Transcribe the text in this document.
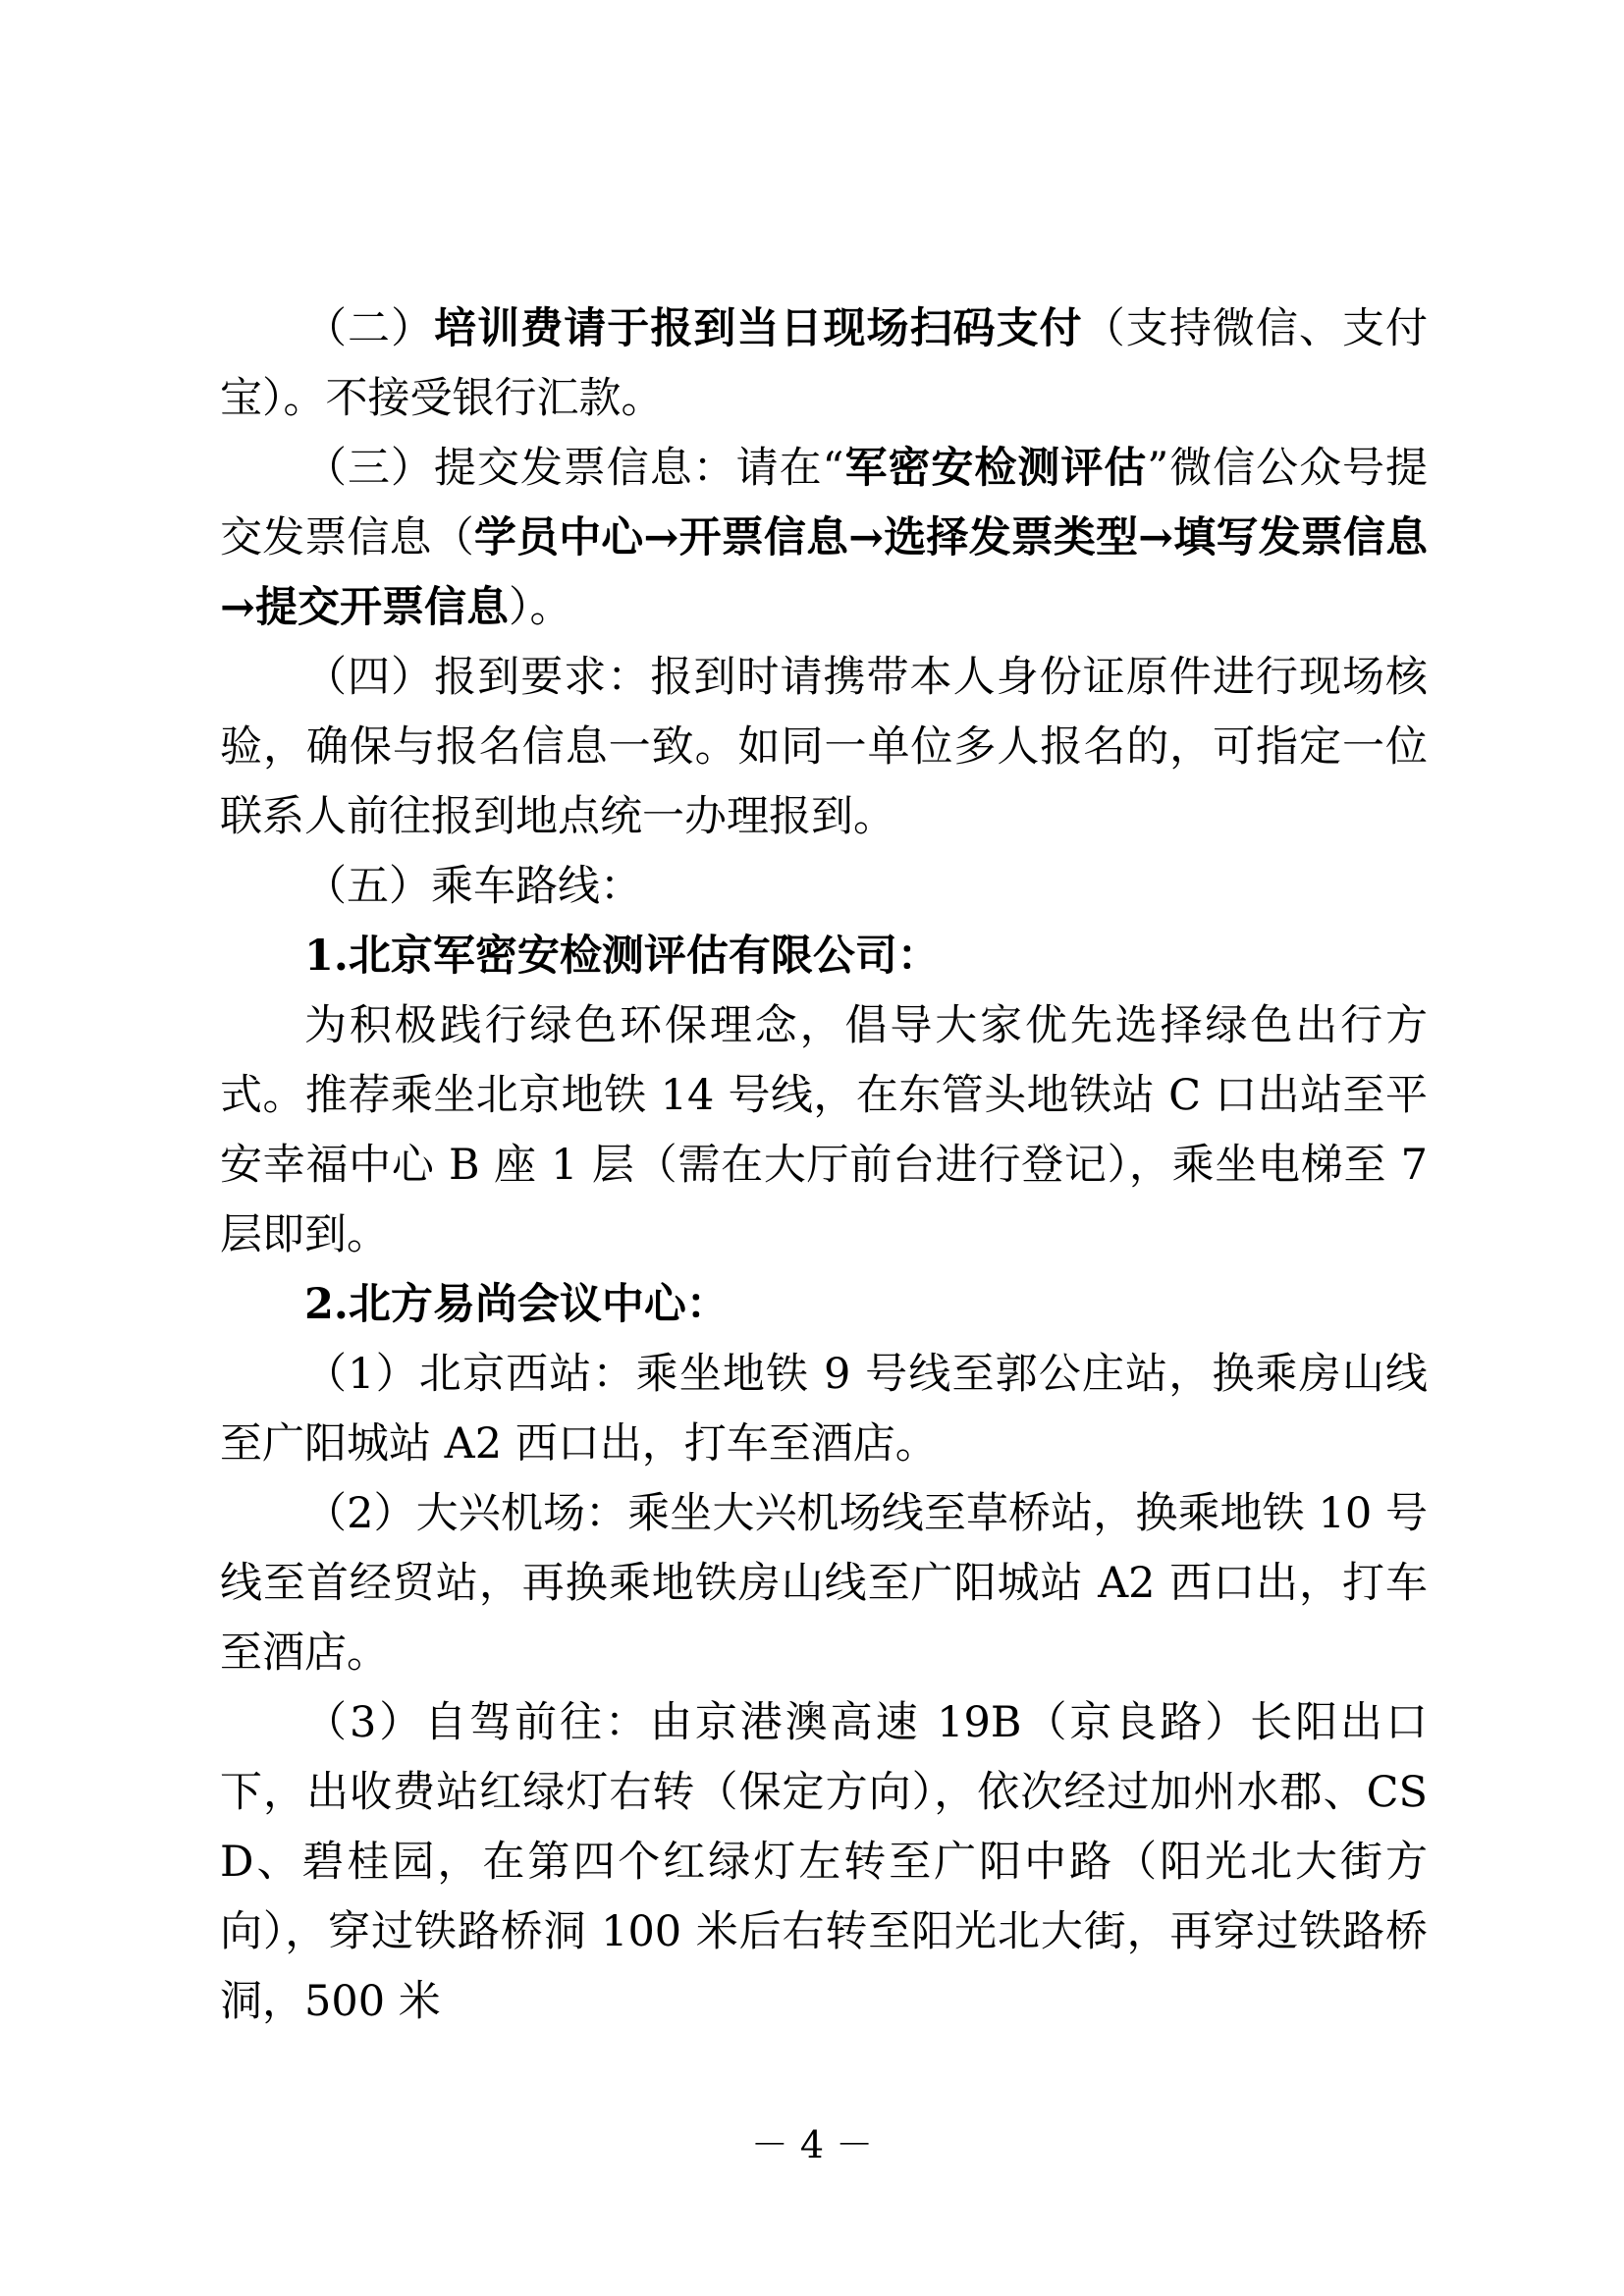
（二）培训费请于报到当日现场扫码支付（支持微信、支付宝）。不接受银行汇款。

（三）提交发票信息：请在“军密安检测评估”微信公众号提交发票信息（学员中心→开票信息→选择发票类型→填写发票信息→提交开票信息）。

（四）报到要求：报到时请携带本人身份证原件进行现场核验，确保与报名信息一致。如同一单位多人报名的，可指定一位联系人前往报到地点统一办理报到。

（五）乘车路线：

1.北京军密安检测评估有限公司：

为积极践行绿色环保理念，倡导大家优先选择绿色出行方式。推荐乘坐北京地铁 14 号线，在东管头地铁站 C 口出站至平安幸福中心 B 座 1 层（需在大厅前台进行登记），乘坐电梯至 7 层即到。

2.北方易尚会议中心：

（1）北京西站：乘坐地铁 9 号线至郭公庄站，换乘房山线至广阳城站 A2 西口出，打车至酒店。

（2）大兴机场：乘坐大兴机场线至草桥站，换乘地铁 10 号线至首经贸站，再换乘地铁房山线至广阳城站 A2 西口出，打车至酒店。

（3）自驾前往：由京港澳高速 19B（京良路）长阳出口下，出收费站红绿灯右转（保定方向），依次经过加州水郡、CSD、碧桂园，在第四个红绿灯左转至广阳中路（阳光北大街方向），穿过铁路桥洞 100 米后右转至阳光北大街，再穿过铁路桥洞，500 米

－ 4 －
